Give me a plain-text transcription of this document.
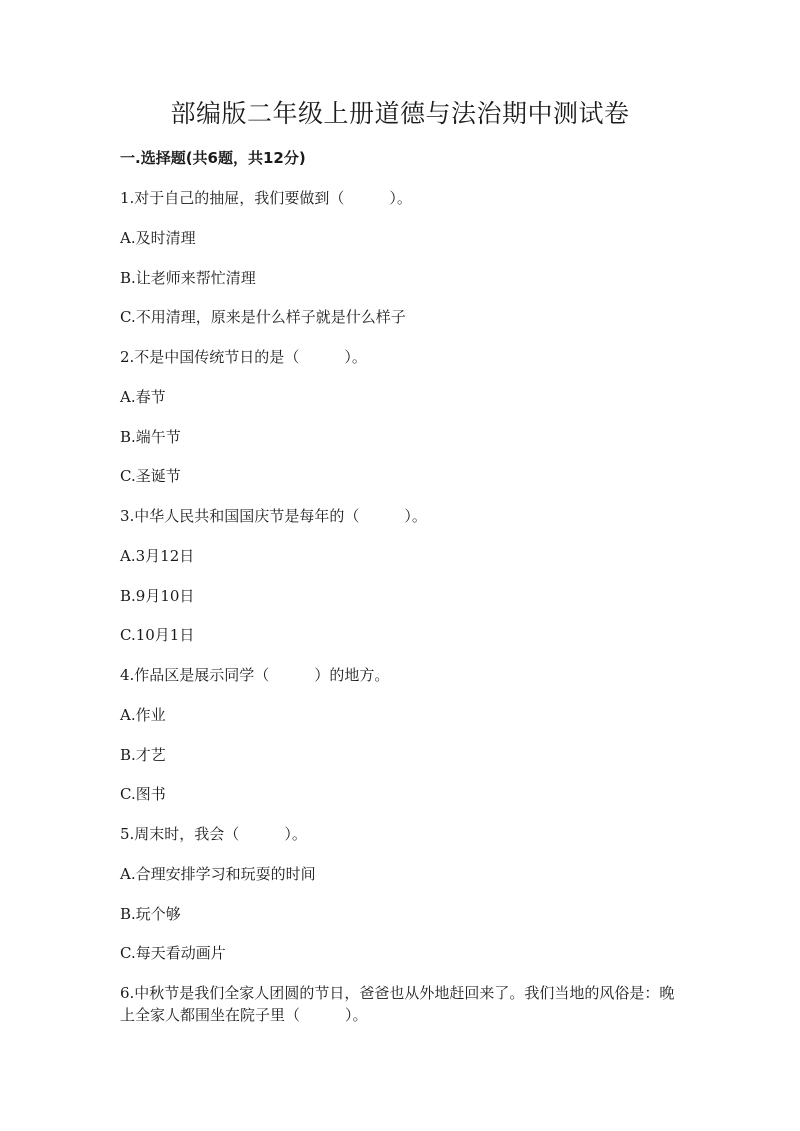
部编版二年级上册道德与法治期中测试卷
一.选择题(共6题，共12分)
1.对于自己的抽屉，我们要做到（　　　）。
A.及时清理
B.让老师来帮忙清理
C.不用清理，原来是什么样子就是什么样子
2.不是中国传统节日的是（　　　）。
A.春节
B.端午节
C.圣诞节
3.中华人民共和国国庆节是每年的（　　　）。
A.3月12日
B.9月10日
C.10月1日
4.作品区是展示同学（　　　）的地方。
A.作业
B.才艺
C.图书
5.周末时，我会（　　　）。
A.合理安排学习和玩耍的时间
B.玩个够
C.每天看动画片
6.中秋节是我们全家人团圆的节日，爸爸也从外地赶回来了。我们当地的风俗是：晚上全家人都围坐在院子里（　　　）。
